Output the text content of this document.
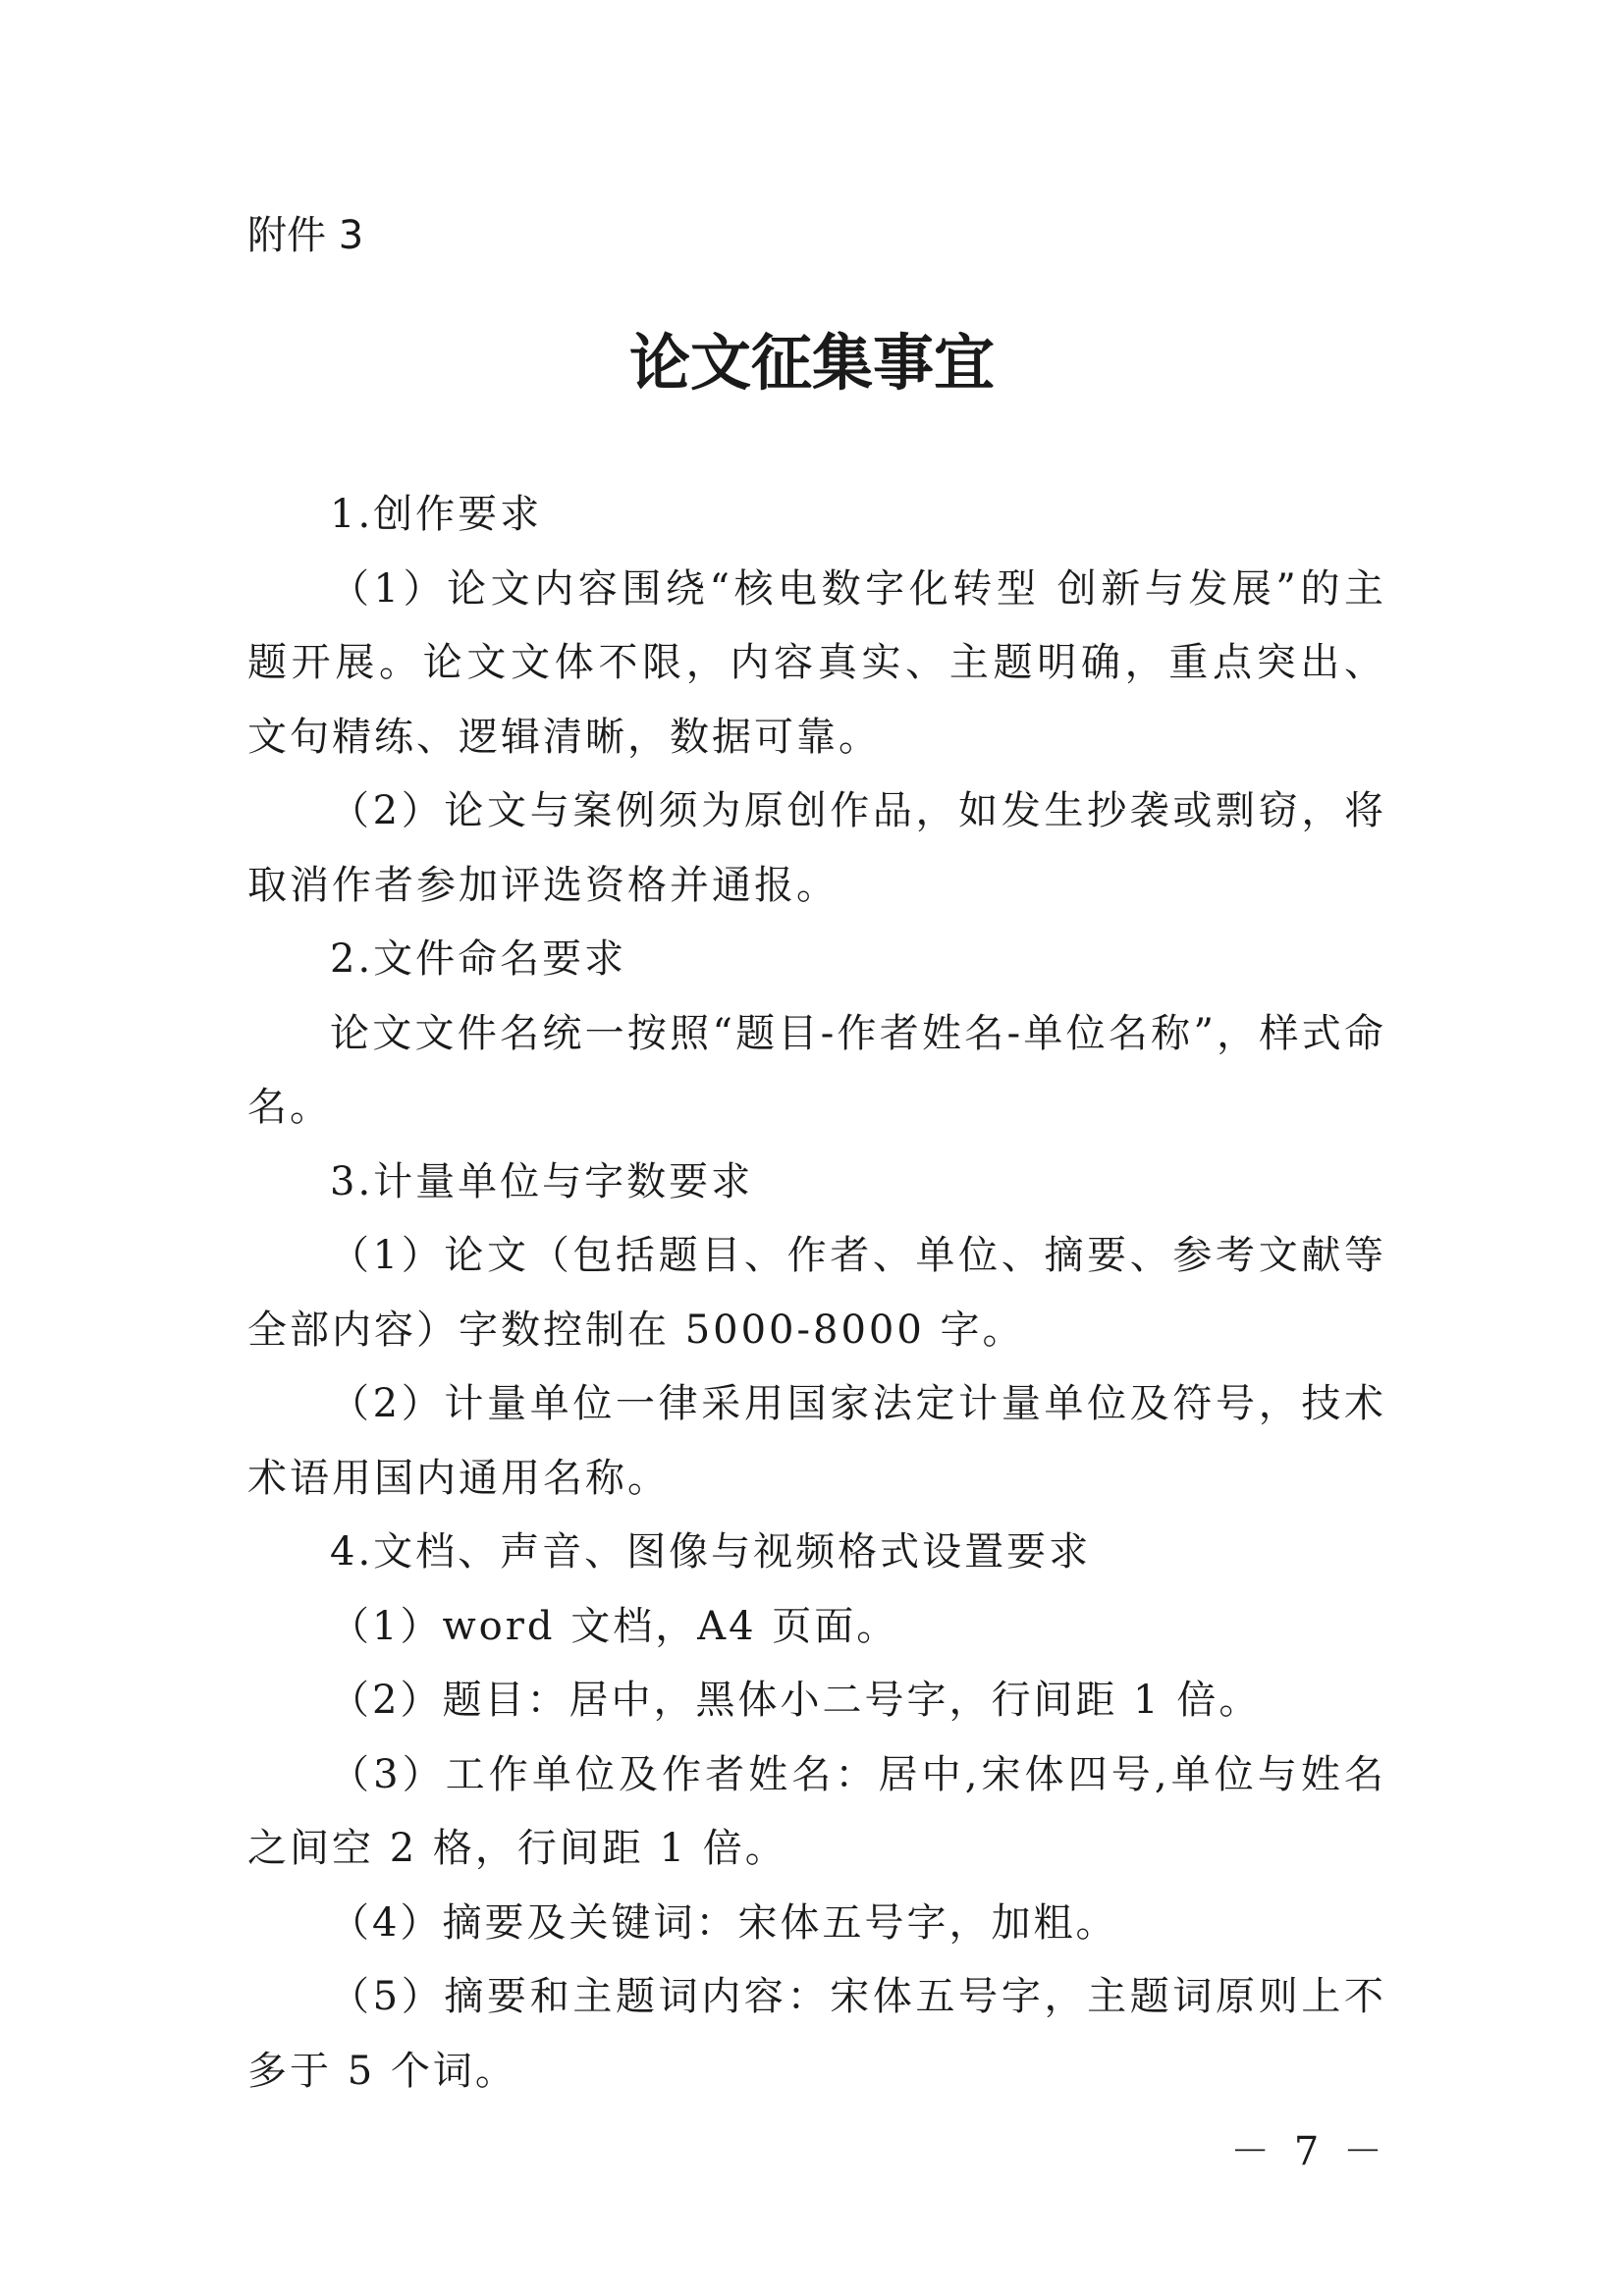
附件 3
论文征集事宜

1.创作要求

（1）论文内容围绕“核电数字化转型 创新与发展”的主题开展。论文文体不限，内容真实、主题明确，重点突出、文句精练、逻辑清晰，数据可靠。

（2）论文与案例须为原创作品，如发生抄袭或剽窃，将取消作者参加评选资格并通报。

2.文件命名要求

论文文件名统一按照“题目-作者姓名-单位名称”，样式命名。

3.计量单位与字数要求

（1）论文（包括题目、作者、单位、摘要、参考文献等全部内容）字数控制在 5000-8000 字。

（2）计量单位一律采用国家法定计量单位及符号，技术术语用国内通用名称。

4.文档、声音、图像与视频格式设置要求

（1）word 文档，A4 页面。

（2）题目：居中，黑体小二号字，行间距 1 倍。

（3）工作单位及作者姓名：居中,宋体四号,单位与姓名之间空 2 格，行间距 1 倍。

（4）摘要及关键词：宋体五号字，加粗。

（5）摘要和主题词内容：宋体五号字，主题词原则上不多于 5 个词。

－ 7 －
